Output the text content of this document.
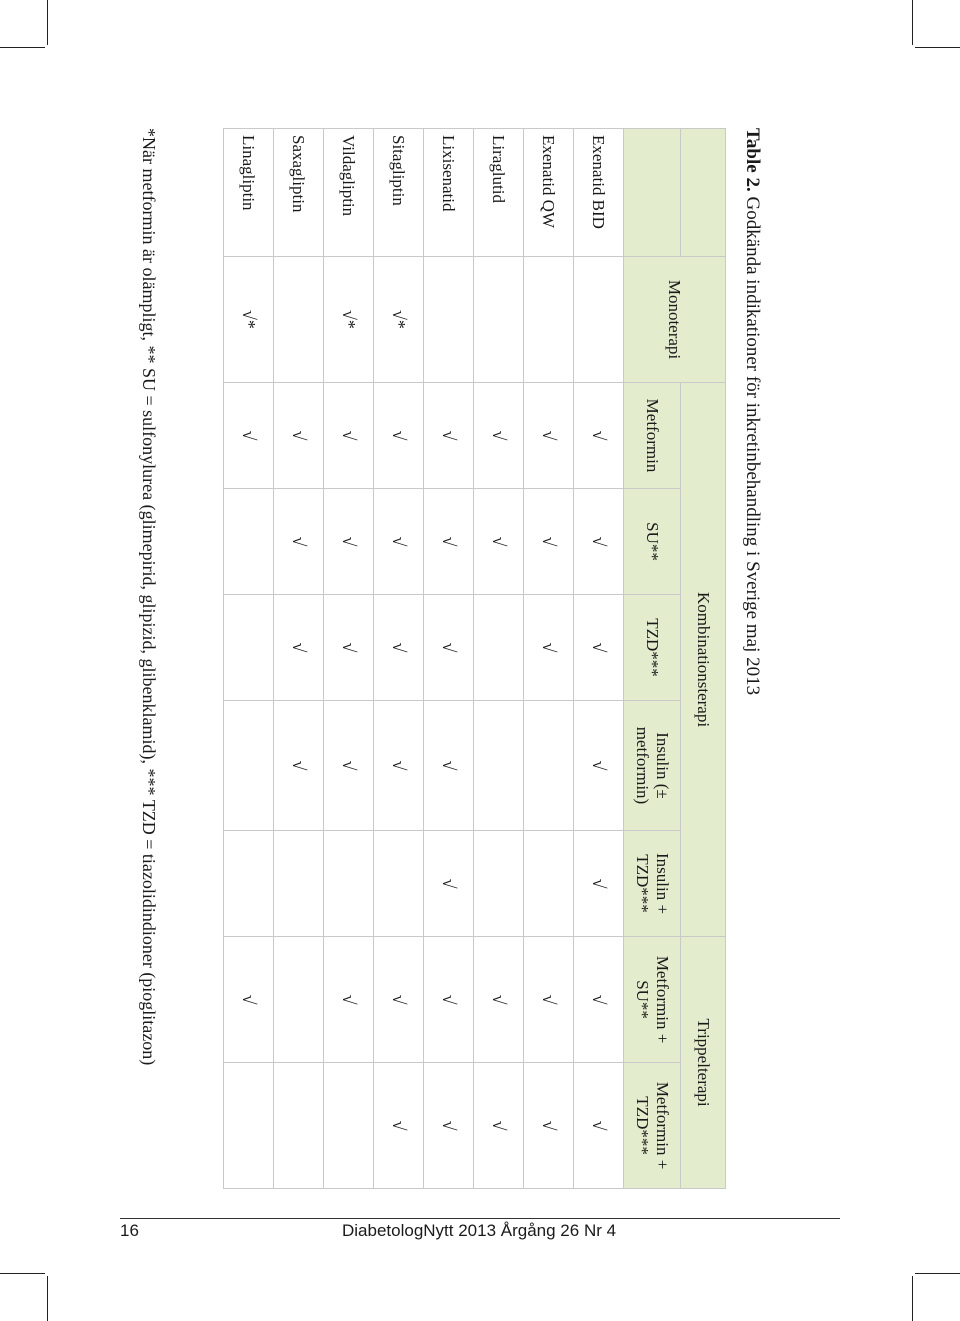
Table 2. Godkända indikationer för inkretinbehandling i Sverige maj 2013
	Monoterapi	Kombinationsterapi					Trippelterapi	
		Metformin	SU**	TZD***	Insulin (± metformin)	Insulin + TZD***	Metformin + SU**	Metformin + TZD***
Exenatid BID		√	√	√	√	√	√	√
Exenatid QW		√	√	√			√	√
Liraglutid		√	√				√	√
Lixisenatid		√	√	√	√	√	√	√
Sitagliptin	√*	√	√	√	√		√	√
Vildagliptin	√*	√	√	√	√		√	
Saxagliptin		√	√	√	√			
Linagliptin	√*	√					√	
*När metformin är olämpligt, ** SU = sulfonylurea (glimepirid, glipizid, glibenklamid), *** TZD = tiazolidindioner (pioglitazon)
16	DiabetologNytt 2013 Årgång 26 Nr 4
